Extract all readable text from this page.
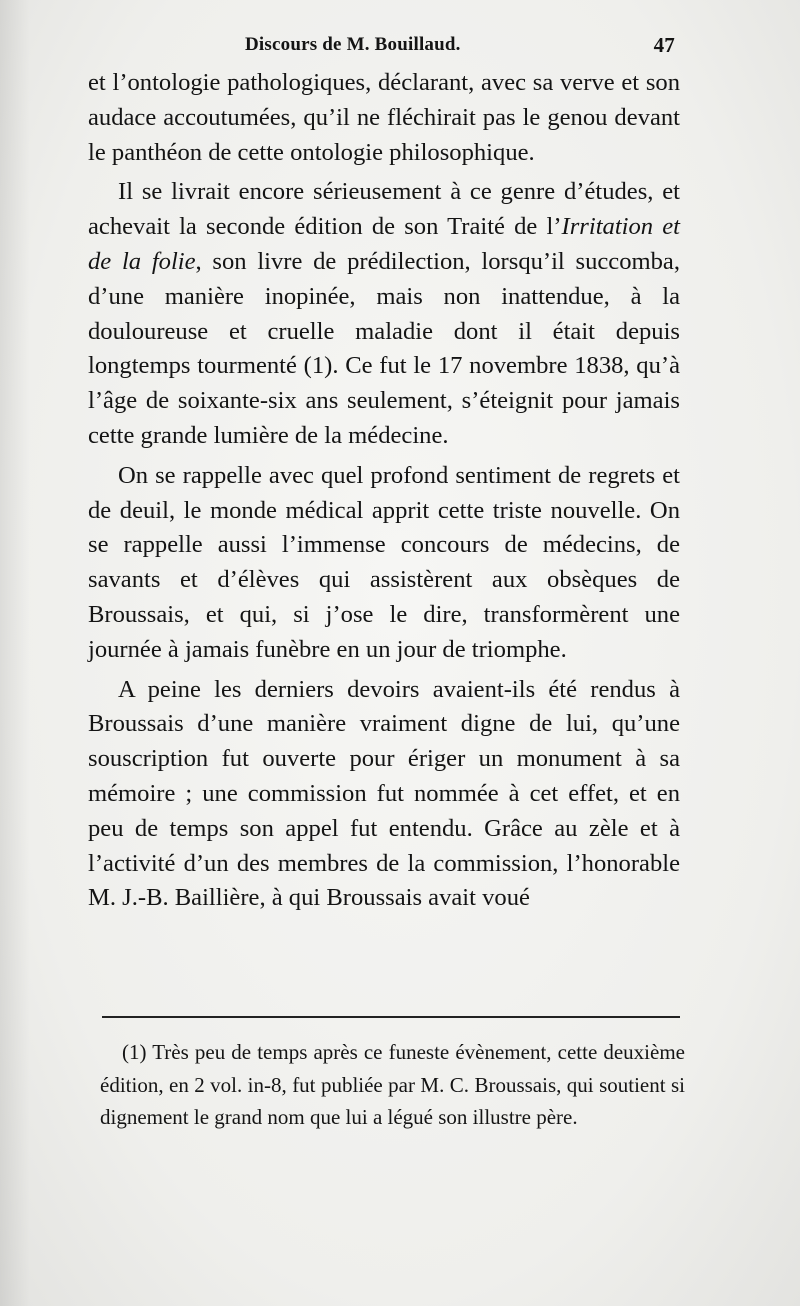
Discours de M. Bouillaud.	47

et l’ontologie pathologiques, déclarant, avec sa verve et son audace accoutumées, qu’il ne fléchirait pas le genou devant le panthéon de cette ontologie philosophique.

Il se livrait encore sérieusement à ce genre d’études, et achevait la seconde édition de son Traité de l’Irritation et de la folie, son livre de prédilection, lorsqu’il succomba, d’une manière inopinée, mais non inattendue, à la douloureuse et cruelle maladie dont il était depuis longtemps tourmenté (1). Ce fut le 17 novembre 1838, qu’à l’âge de soixante-six ans seulement, s’éteignit pour jamais cette grande lumière de la médecine.

On se rappelle avec quel profond sentiment de regrets et de deuil, le monde médical apprit cette triste nouvelle. On se rappelle aussi l’immense concours de médecins, de savants et d’élèves qui assistèrent aux obsèques de Broussais, et qui, si j’ose le dire, transformèrent une journée à jamais funèbre en un jour de triomphe.

A peine les derniers devoirs avaient-ils été rendus à Broussais d’une manière vraiment digne de lui, qu’une souscription fut ouverte pour ériger un monument à sa mémoire ; une commission fut nommée à cet effet, et en peu de temps son appel fut entendu. Grâce au zèle et à l’activité d’un des membres de la commission, l’honorable M. J.-B. Baillière, à qui Broussais avait voué

(1) Très peu de temps après ce funeste évènement, cette deuxième édition, en 2 vol. in-8, fut publiée par M. C. Broussais, qui soutient si dignement le grand nom que lui a légué son illustre père.
